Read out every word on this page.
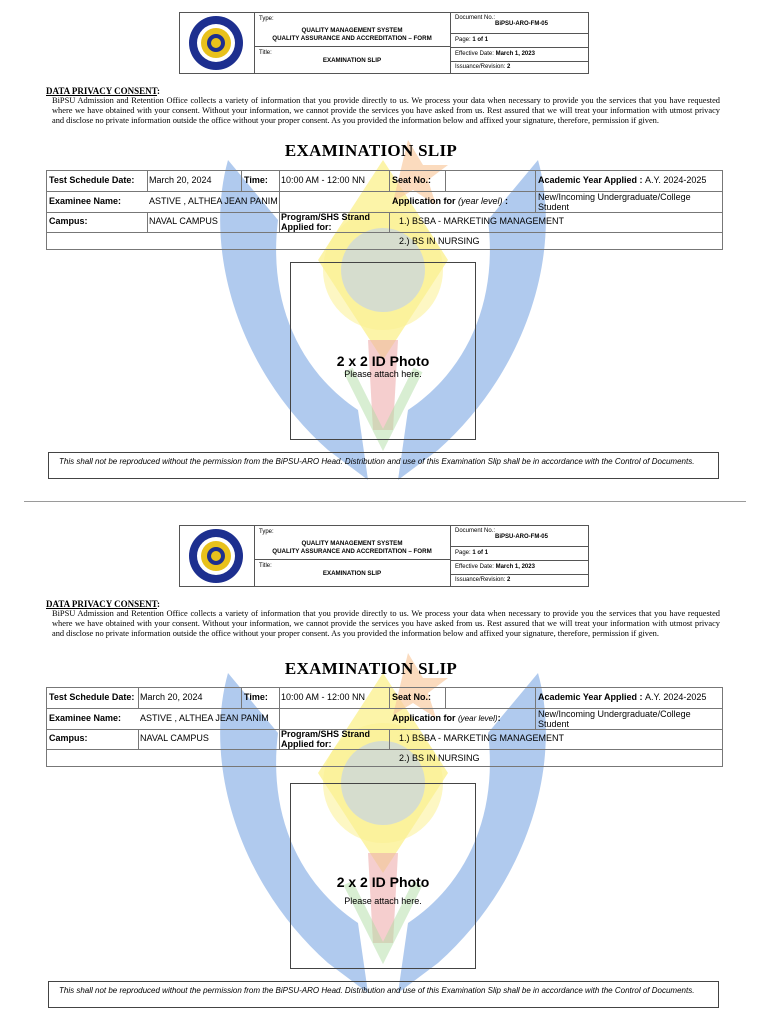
Type:
QUALITY MANAGEMENT SYSTEM
QUALITY ASSURANCE AND ACCREDITATION – FORM
Title:
EXAMINATION SLIP
Document No.:
BiPSU-ARO-FM-05
Page: 1 of 1
Effective Date: March 1, 2023
Issuance/Revision: 2
DATA PRIVACY CONSENT:
BiPSU Admission and Retention Office collects a variety of information that you provide directly to us. We process your data when necessary to provide you the services that you have requested where we have obtained with your consent. Without your information, we cannot provide the services you have asked from us. Rest assured that we will treat your information with utmost privacy and disclose no private information outside the office without your proper consent. As you provided the information below and affixed your signature, therefore, permission if given.
EXAMINATION SLIP
Test Schedule Date: March 20, 2024	Time: 10:00 AM - 12:00 NN	Seat No.:	Academic Year Applied : A.Y. 2024-2025
Examinee Name:	ASTIVE , ALTHEA JEAN PANIM	Application for (year level) :	New/Incoming Undergraduate/College Student
Campus:	NAVAL CAMPUS	Program/SHS Strand Applied for:
1.) BSBA - MARKETING MANAGEMENT
2.) BS IN NURSING
2 x 2 ID Photo
Please attach here.
This shall not be reproduced without the permission from the BiPSU-ARO Head. Distribution and use of this Examination Slip shall be in accordance with the Control of Documents.
Type:
QUALITY MANAGEMENT SYSTEM
QUALITY ASSURANCE AND ACCREDITATION – FORM
Title:
EXAMINATION SLIP
Document No.:
BiPSU-ARO-FM-05
Page: 1 of 1
Effective Date: March 1, 2023
Issuance/Revision: 2
DATA PRIVACY CONSENT:
BiPSU Admission and Retention Office collects a variety of information that you provide directly to us. We process your data when necessary to provide you the services that you have requested where we have obtained with your consent. Without your information, we cannot provide the services you have asked from us. Rest assured that we will treat your information with utmost privacy and disclose no private information outside the office without your proper consent. As you provided the information below and affixed your signature, therefore, permission if given.
EXAMINATION SLIP
Test Schedule Date: March 20, 2024	Time: 10:00 AM - 12:00 NN	Seat No.:	Academic Year Applied : A.Y. 2024-2025
Examinee Name: ASTIVE , ALTHEA JEAN PANIM	Application for (year level):	New/Incoming Undergraduate/College Student
Campus:	NAVAL CAMPUS	Program/SHS Strand Applied for:
1.) BSBA - MARKETING MANAGEMENT
2.) BS IN NURSING
2 x 2 ID Photo
Please attach here.
This shall not be reproduced without the permission from the BiPSU-ARO Head. Distribution and use of this Examination Slip shall be in accordance with the Control of Documents.
